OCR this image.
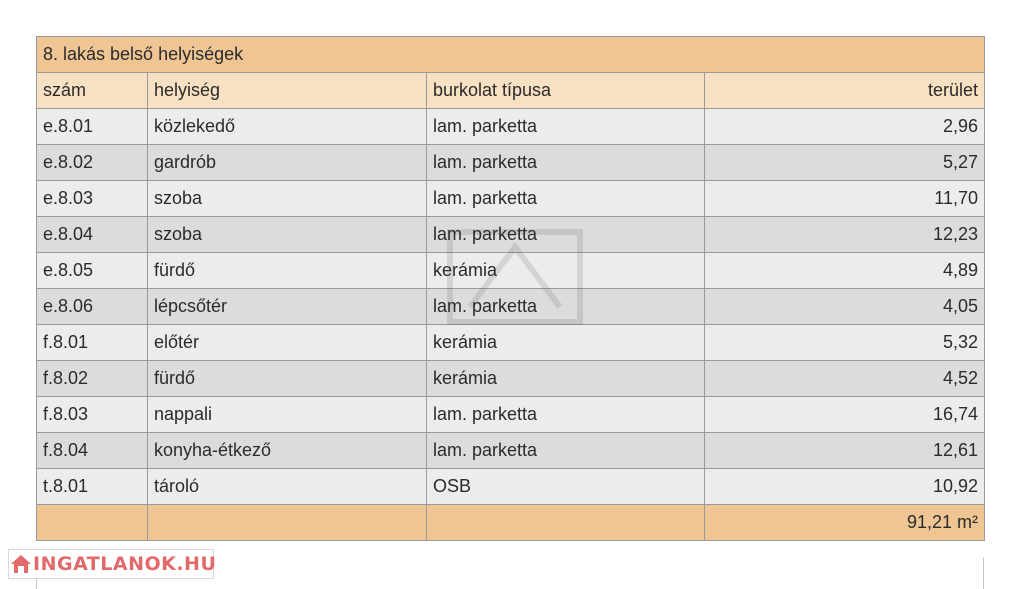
8. lakás belső helyiségek			
szám	helyiség	burkolat típusa	terület
e.8.01	közlekedő	lam. parketta	2,96
e.8.02	gardrób	lam. parketta	5,27
e.8.03	szoba	lam. parketta	11,70
e.8.04	szoba	lam. parketta	12,23
e.8.05	fürdő	kerámia	4,89
e.8.06	lépcsőtér	lam. parketta	4,05
f.8.01	előtér	kerámia	5,32
f.8.02	fürdő	kerámia	4,52
f.8.03	nappali	lam. parketta	16,74
f.8.04	konyha-étkező	lam. parketta	12,61
t.8.01	tároló	OSB	10,92
			91,21 m²
INGATLANOK.HU
